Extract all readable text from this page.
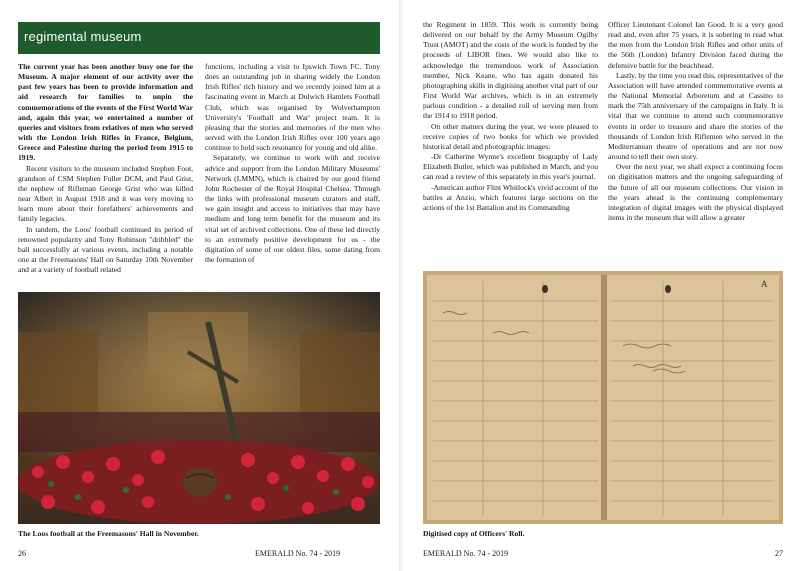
regimental museum

The current year has been another busy one for the Museum. A major element of our activity over the past few years has been to provide information and aid research for families to unpin the commemorations of the events of the First World War and, again this year, we entertained a number of queries and visitors from relatives of men who served with the London Irish Rifles in France, Belgium, Greece and Palestine during the period from 1915 to 1919.

Recent visitors to the museum included Stephen Foot, grandson of CSM Stephen Fuller DCM, and Paul Grist, the nephew of Rifleman George Grist who was killed near Albert in August 1918 and it was very moving to learn more about their forefathers' achievements and family legacies.

In tandem, the Loos' football continued its period of renowned popularity and Tony Robinson "dribbled" the ball successfully at various events, including a notable one at the Freemasons' Hall on Saturday 10th November and at a variety of football related

functions, including a visit to Ipswich Town FC. Tony does an outstanding job in sharing widely the London Irish Rifles' rich history and we recently joined him at a fascinating event in March at Dulwich Hamlets Football Club, which was organised by Wolverhampton University's 'Football and War' project team. It is pleasing that the stories and memories of the men who served with the London Irish Rifles over 100 years ago continue to hold such resonance for young and old alike.

Separately, we continue to work with and receive advice and support from the London Military Museums' Network (LMMN), which is chaired by our good friend John Rochester of the Royal Hospital Chelsea. Through the links with professional museum curators and staff, we gain insight and access to initiatives that may have medium and long term benefit for the museum and its vital set of archived collections. One of these led directly to an extremely positive development for us - the digitation of some of our oldest files, some dating from the formation of

The Loos football at the Freemasons' Hall in November.
26	EMERALD No. 74 - 2019

the Regiment in 1859. This work is currently being delivered on our behalf by the Army Museum Ogilby Trust (AMOT) and the costs of the work is funded by the proceeds of LIBOR fines. We would also like to acknowledge the tremendous work of Association member, Nick Keane, who has again donated his photographing skills in digitising another vital part of our First World War archives, which is in an extremely parlous condition - a detailed roll of serving men from the 1914 to 1918 period.

On other matters during the year, we were pleased to receive copies of two books for which we provided historical detail and photographic images:

-Dr Catherine Wynne's excellent biography of Lady Elizabeth Butler, which was published in March, and you can read a review of this separately in this year's journal.

-American author Flint Whitlock's vivid account of the battles at Anzio, which features large sections on the actions of the 1st Battalion and its Commanding

Officer Lieutenant Colonel Ian Good. It is a very good read and, even after 75 years, it is sobering to read what the men from the London Irish Rifles and other units of the 56th (London) Infantry Division faced during the defensive battle for the beachhead.

Lastly, by the time you read this, representatives of the Association will have attended commemorative events at the National Memorial Arboretum and at Cassino to mark the 75th anniversary of the campaigns in Italy. It is vital that we continue to attend such commemorative events in order to treasure and share the stories of the thousands of London Irish Riflemen who served in the Mediterranean theatre of operations and are not now around to tell their own story.

Over the next year, we shall expect a continuing focus on digitisation matters and the ongoing safeguarding of the future of all our museum collections. Our vision in the years ahead is the continuing complementary integration of digital images with the physical displayed items in the museum that will allow a greater

A
Digitised copy of Officers' Roll.
EMERALD No. 74 - 2019	27
